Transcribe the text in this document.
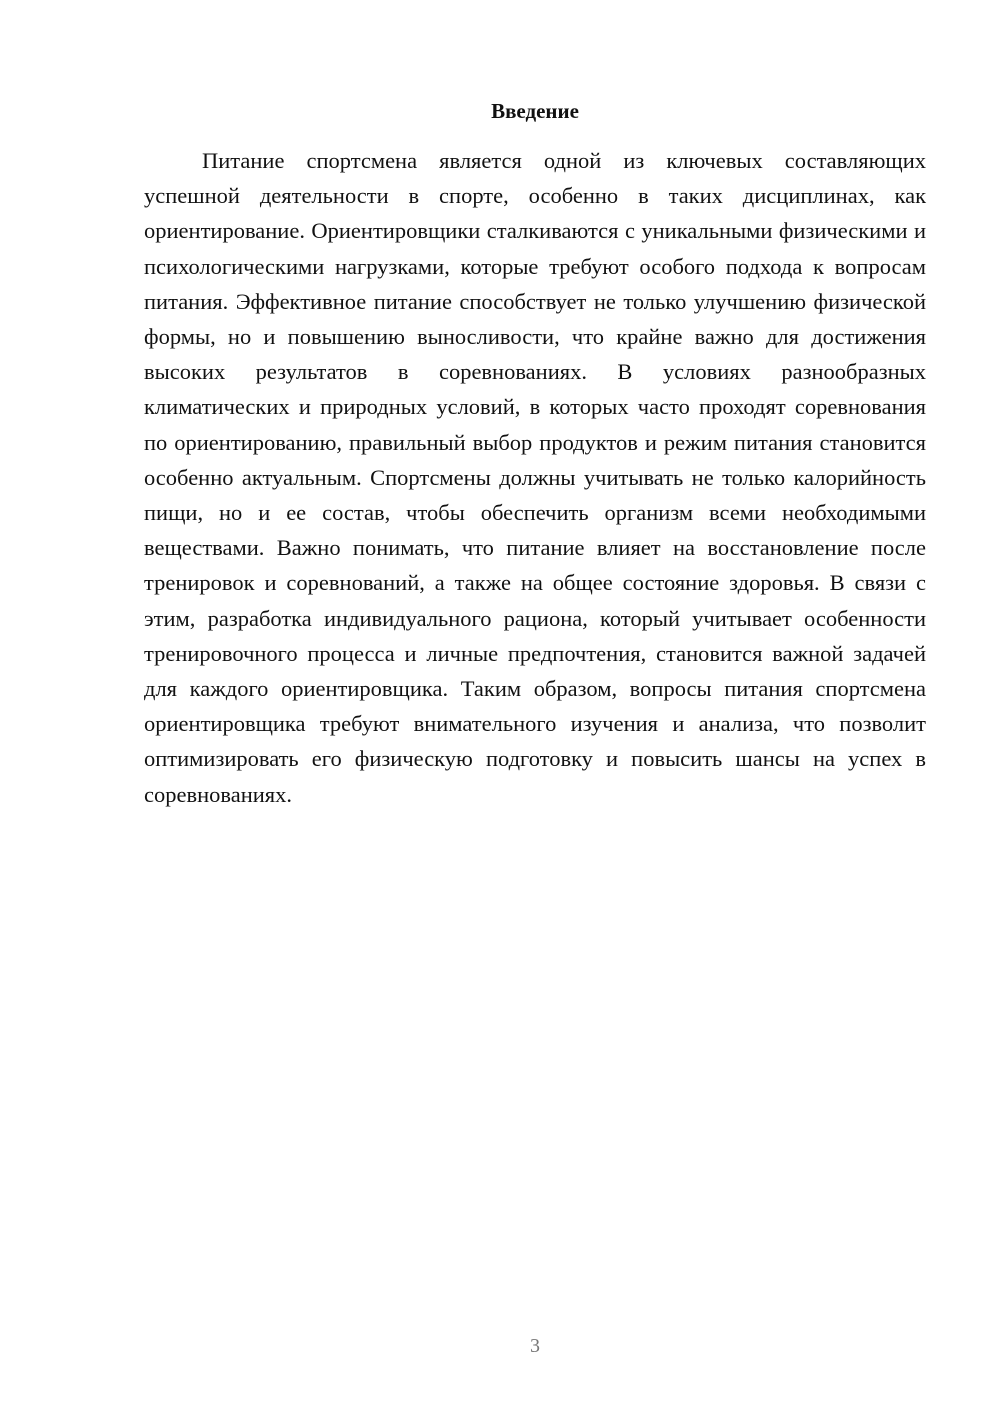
Введение

Питание спортсмена является одной из ключевых составляющих успешной деятельности в спорте, особенно в таких дисциплинах, как ориентирование. Ориентировщики сталкиваются с уникальными физическими и психологическими нагрузками, которые требуют особого подхода к вопросам питания. Эффективное питание способствует не только улучшению физической формы, но и повышению выносливости, что крайне важно для достижения высоких результатов в соревнованиях. В условиях разнообразных климатических и природных условий, в которых часто проходят соревнования по ориентированию, правильный выбор продуктов и режим питания становится особенно актуальным. Спортсмены должны учитывать не только калорийность пищи, но и ее состав, чтобы обеспечить организм всеми необходимыми веществами. Важно понимать, что питание влияет на восстановление после тренировок и соревнований, а также на общее состояние здоровья. В связи с этим, разработка индивидуального рациона, который учитывает особенности тренировочного процесса и личные предпочтения, становится важной задачей для каждого ориентировщика. Таким образом, вопросы питания спортсмена ориентировщика требуют внимательного изучения и анализа, что позволит оптимизировать его физическую подготовку и повысить шансы на успех в соревнованиях.

3
